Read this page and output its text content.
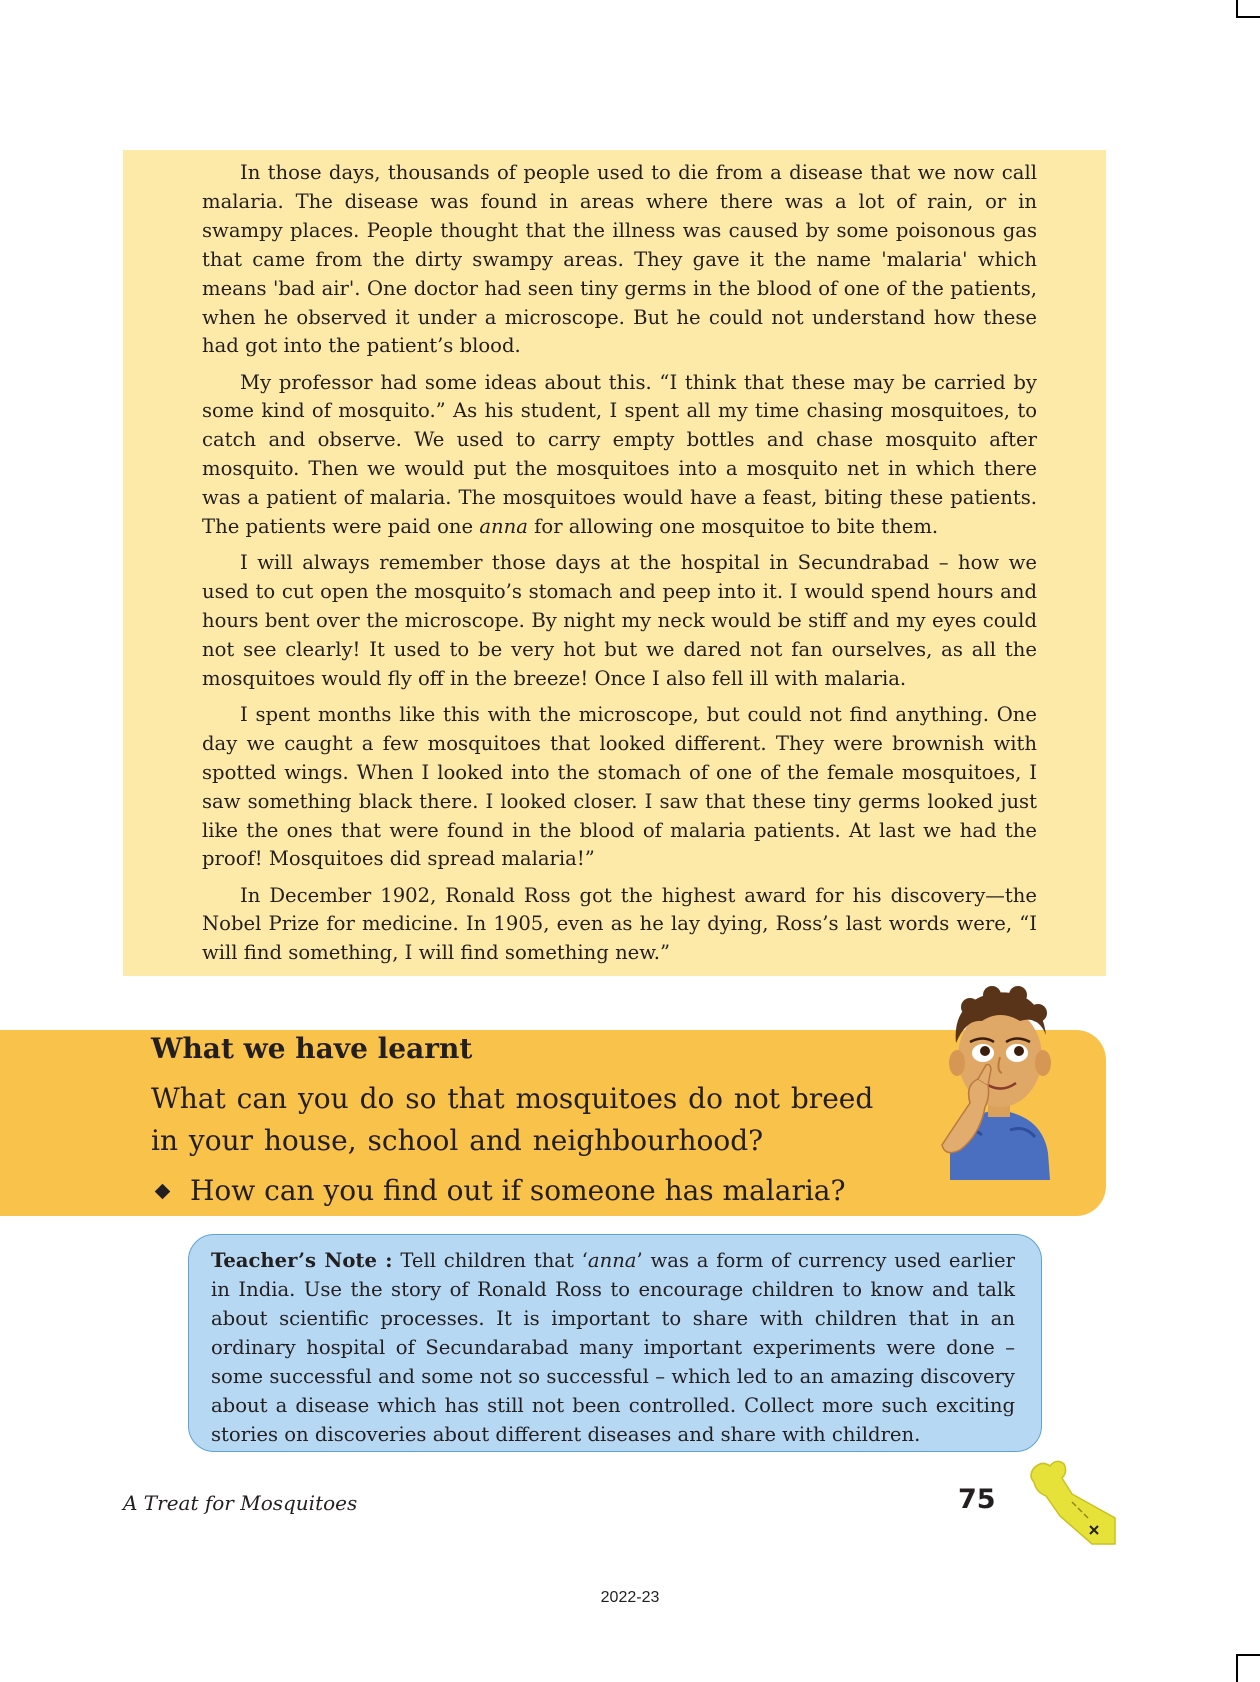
In those days, thousands of people used to die from a disease that we now call malaria. The disease was found in areas where there was a lot of rain, or in swampy places. People thought that the illness was caused by some poisonous gas that came from the dirty swampy areas. They gave it the name 'malaria' which means 'bad air'. One doctor had seen tiny germs in the blood of one of the patients, when he observed it under a microscope. But he could not understand how these had got into the patient’s blood.

My professor had some ideas about this. “I think that these may be carried by some kind of mosquito.” As his student, I spent all my time chasing mosquitoes, to catch and observe. We used to carry empty bottles and chase mosquito after mosquito. Then we would put the mosquitoes into a mosquito net in which there was a patient of malaria. The mosquitoes would have a feast, biting these patients. The patients were paid one anna for allowing one mosquitoe to bite them.

I will always remember those days at the hospital in Secundrabad – how we used to cut open the mosquito’s stomach and peep into it. I would spend hours and hours bent over the microscope. By night my neck would be stiff and my eyes could not see clearly! It used to be very hot but we dared not fan ourselves, as all the mosquitoes would fly off in the breeze! Once I also fell ill with malaria.

I spent months like this with the microscope, but could not find anything. One day we caught a few mosquitoes that looked different. They were brownish with spotted wings. When I looked into the stomach of one of the female mosquitoes, I saw something black there. I looked closer. I saw that these tiny germs looked just like the ones that were found in the blood of malaria patients. At last we had the proof! Mosquitoes did spread malaria!”

In December 1902, Ronald Ross got the highest award for his discovery—the Nobel Prize for medicine. In 1905, even as he lay dying, Ross’s last words were, “I will find something, I will find something new.”

What we have learnt

What can you do so that mosquitoes do not breed in your house, school and neighbourhood?

How can you find out if someone has malaria?

Teacher’s Note : Tell children that ‘anna’ was a form of currency used earlier in India. Use the story of Ronald Ross to encourage children to know and talk about scientific processes. It is important to share with children that in an ordinary hospital of Secundarabad many important experiments were done – some successful and some not so successful – which led to an amazing discovery about a disease which has still not been controlled. Collect more such exciting stories on discoveries about different diseases and share with children.

A Treat for Mosquitoes	75

2022-23
